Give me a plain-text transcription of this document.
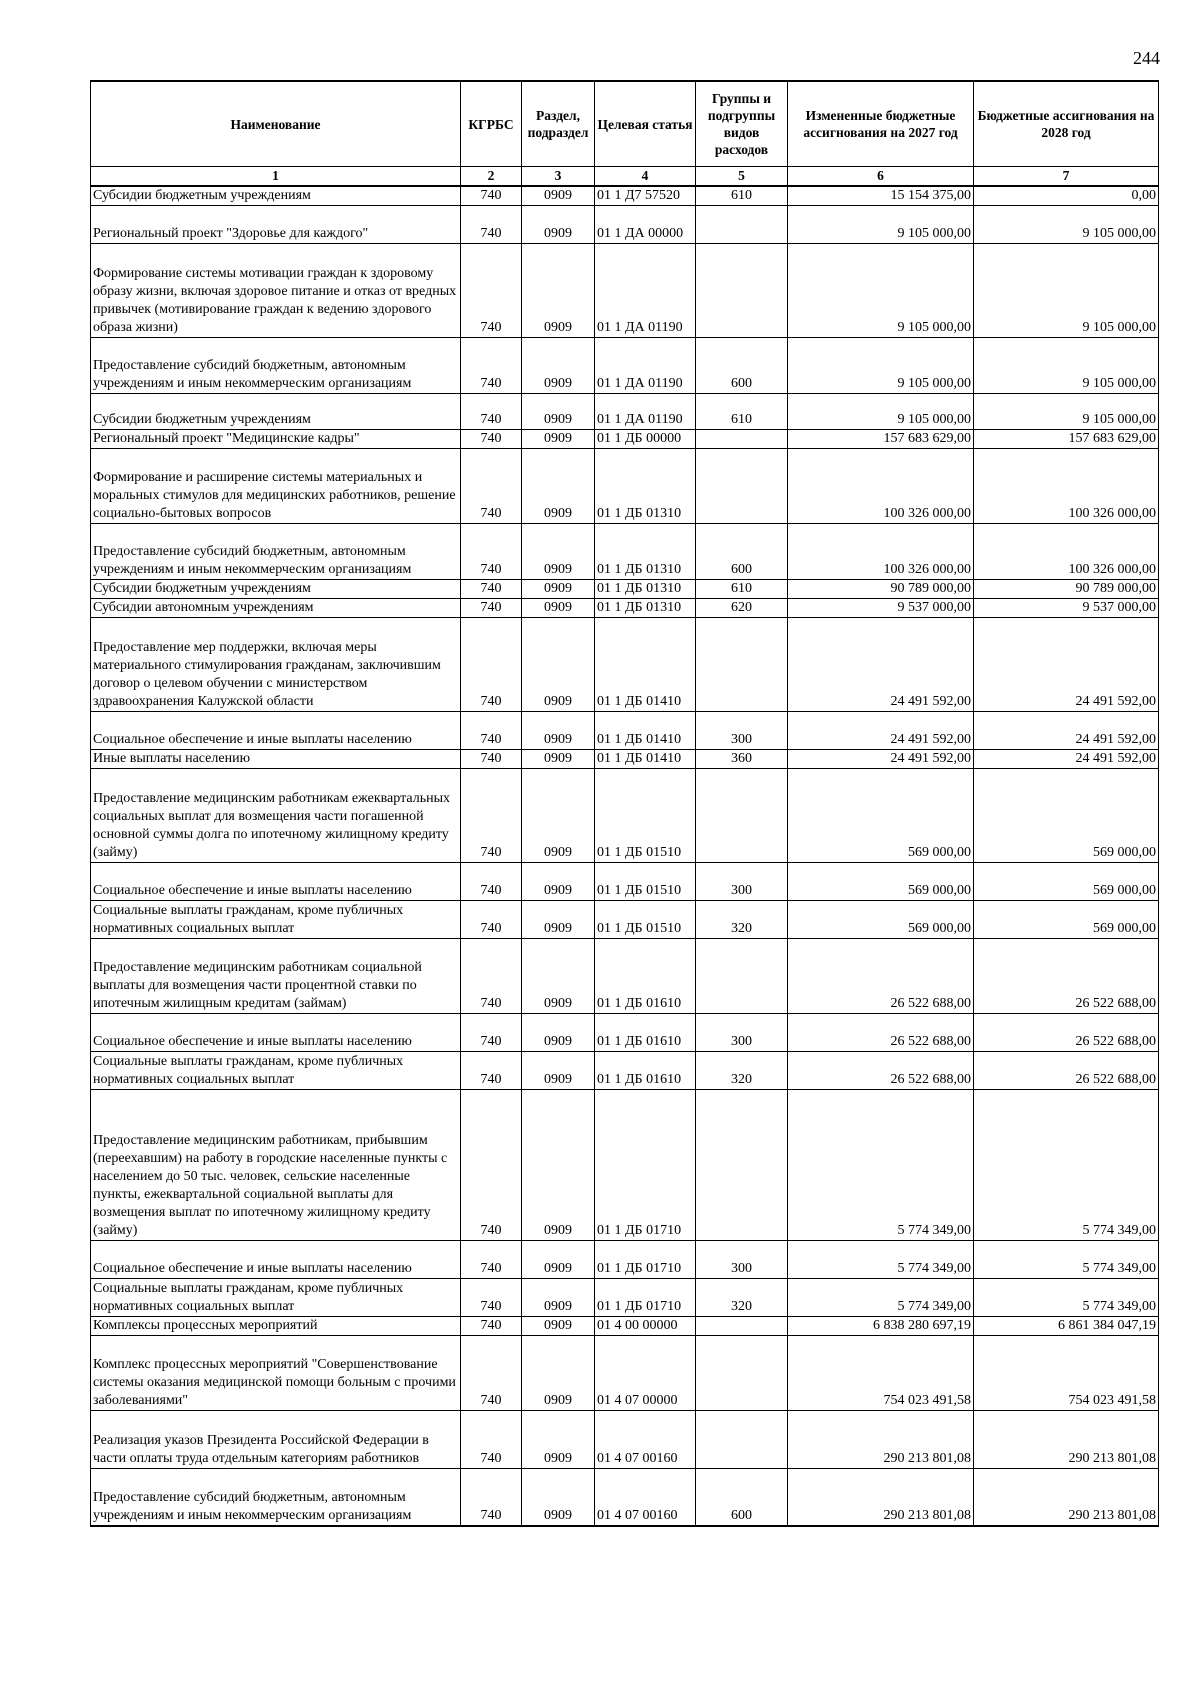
244
Наименование	КГРБС	Раздел, подраздел	Целевая статья	Группы и подгруппы видов расходов	Измененные бюджетные ассигнования на 2027 год	Бюджетные ассигнования на 2028 год
1	2	3	4	5	6	7
Субсидии бюджетным учреждениям	740	0909	01 1 Д7 57520	610	15 154 375,00	0,00
Региональный проект "Здоровье для каждого"	740	0909	01 1 ДА 00000		9 105 000,00	9 105 000,00
Формирование системы мотивации граждан к здоровому образу жизни, включая здоровое питание и отказ от вредных привычек (мотивирование граждан к ведению здорового образа жизни)	740	0909	01 1 ДА 01190		9 105 000,00	9 105 000,00
Предоставление субсидий бюджетным, автономным учреждениям и иным некоммерческим организациям	740	0909	01 1 ДА 01190	600	9 105 000,00	9 105 000,00
Субсидии бюджетным учреждениям	740	0909	01 1 ДА 01190	610	9 105 000,00	9 105 000,00
Региональный проект "Медицинские кадры"	740	0909	01 1 ДБ 00000		157 683 629,00	157 683 629,00
Формирование и расширение системы материальных и моральных стимулов для медицинских работников, решение социально-бытовых вопросов	740	0909	01 1 ДБ 01310		100 326 000,00	100 326 000,00
Предоставление субсидий бюджетным, автономным учреждениям и иным некоммерческим организациям	740	0909	01 1 ДБ 01310	600	100 326 000,00	100 326 000,00
Субсидии бюджетным учреждениям	740	0909	01 1 ДБ 01310	610	90 789 000,00	90 789 000,00
Субсидии автономным учреждениям	740	0909	01 1 ДБ 01310	620	9 537 000,00	9 537 000,00
Предоставление мер поддержки, включая меры материального стимулирования гражданам, заключившим договор о целевом обучении с министерством здравоохранения Калужской области	740	0909	01 1 ДБ 01410		24 491 592,00	24 491 592,00
Социальное обеспечение и иные выплаты населению	740	0909	01 1 ДБ 01410	300	24 491 592,00	24 491 592,00
Иные выплаты населению	740	0909	01 1 ДБ 01410	360	24 491 592,00	24 491 592,00
Предоставление медицинским работникам ежеквартальных социальных выплат для возмещения части погашенной основной суммы долга по ипотечному жилищному кредиту (займу)	740	0909	01 1 ДБ 01510		569 000,00	569 000,00
Социальное обеспечение и иные выплаты населению	740	0909	01 1 ДБ 01510	300	569 000,00	569 000,00
Социальные выплаты гражданам, кроме публичных нормативных социальных выплат	740	0909	01 1 ДБ 01510	320	569 000,00	569 000,00
Предоставление медицинским работникам социальной выплаты для возмещения части процентной ставки по ипотечным жилищным кредитам (займам)	740	0909	01 1 ДБ 01610		26 522 688,00	26 522 688,00
Социальное обеспечение и иные выплаты населению	740	0909	01 1 ДБ 01610	300	26 522 688,00	26 522 688,00
Социальные выплаты гражданам, кроме публичных нормативных социальных выплат	740	0909	01 1 ДБ 01610	320	26 522 688,00	26 522 688,00
Предоставление медицинским работникам, прибывшим (переехавшим) на работу в городские населенные пункты с населением до 50 тыс. человек, сельские населенные пункты, ежеквартальной социальной выплаты для возмещения выплат по ипотечному жилищному кредиту (займу)	740	0909	01 1 ДБ 01710		5 774 349,00	5 774 349,00
Социальное обеспечение и иные выплаты населению	740	0909	01 1 ДБ 01710	300	5 774 349,00	5 774 349,00
Социальные выплаты гражданам, кроме публичных нормативных социальных выплат	740	0909	01 1 ДБ 01710	320	5 774 349,00	5 774 349,00
Комплексы процессных мероприятий	740	0909	01 4 00 00000		6 838 280 697,19	6 861 384 047,19
Комплекс процессных мероприятий "Совершенствование системы оказания медицинской помощи больным с прочими заболеваниями"	740	0909	01 4 07 00000		754 023 491,58	754 023 491,58
Реализация указов Президента Российской Федерации в части оплаты труда отдельным категориям работников	740	0909	01 4 07 00160		290 213 801,08	290 213 801,08
Предоставление субсидий бюджетным, автономным учреждениям и иным некоммерческим организациям	740	0909	01 4 07 00160	600	290 213 801,08	290 213 801,08
